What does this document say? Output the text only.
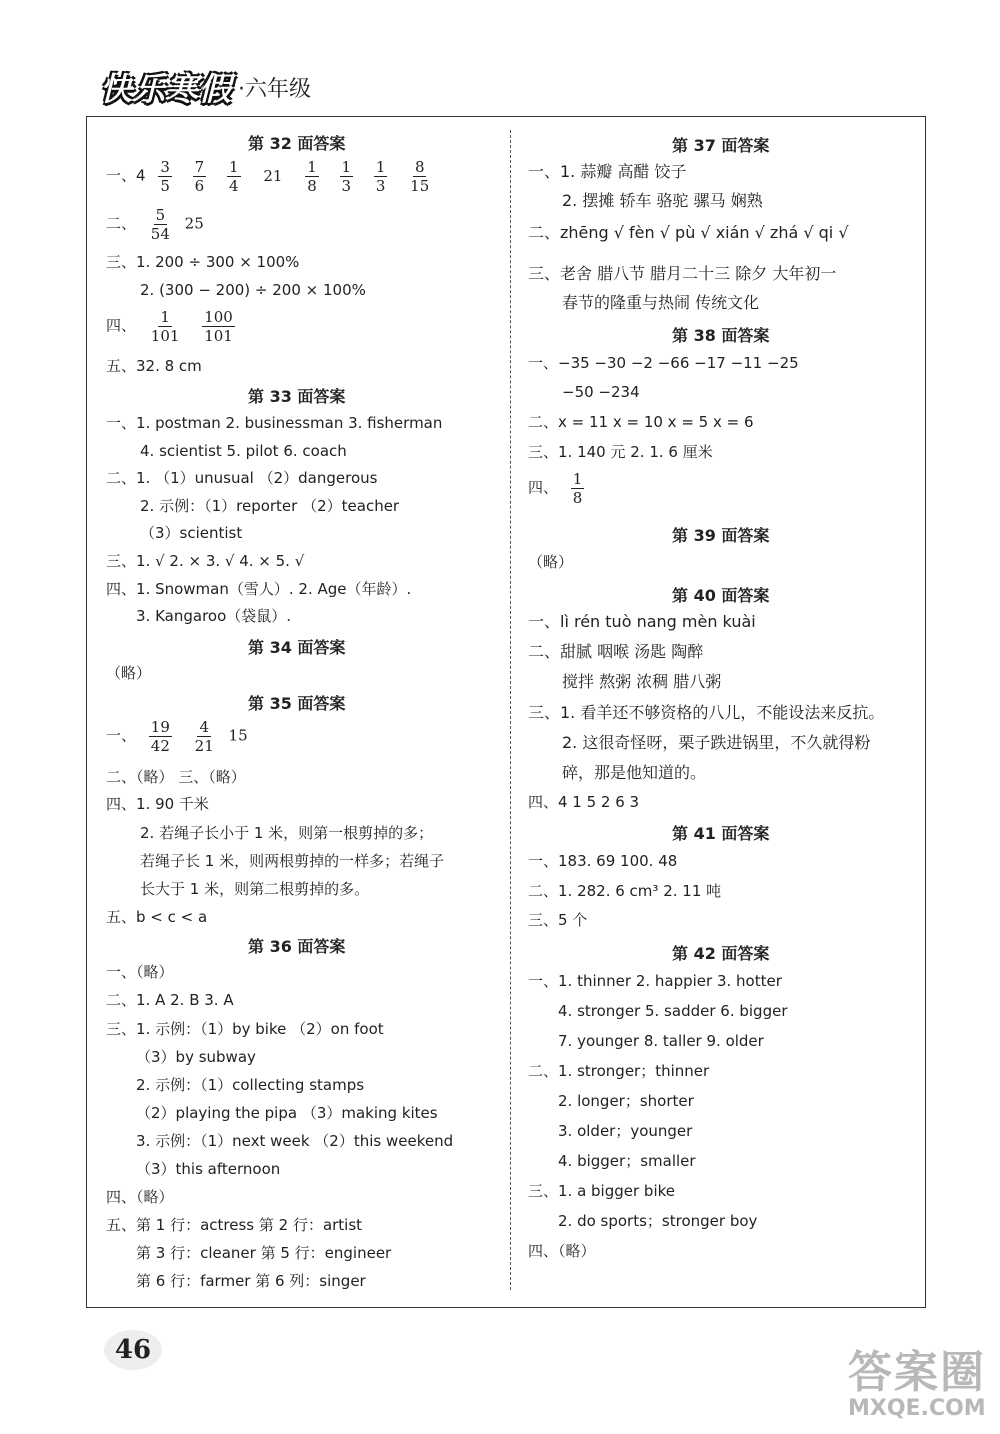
快乐寒假 ·六年级
第 32 面答案
一、$4 \frac{3}{5}$
$\frac{7}{6}$
$\frac{1}{4} 21 \frac{1}{8}$
$\frac{1}{3}$
$\frac{1}{3}$
$\frac{8}{15}$
二、 $\frac{5}{54} 25$
三、1. 200 ÷ 300 × 100%
2. (300 − 200) ÷ 200 × 100%
四、 $\frac{1}{101}$
$\frac{100}{101}$
五、32. 8 cm
第 33 面答案
一、1. postman 2. businessman 3. fisherman
4. scientist 5. pilot 6. coach
二、1. （1）unusual （2）dangerous
2. 示例：（1）reporter （2）teacher
（3）scientist
三、1. √ 2. × 3. √ 4. × 5. √
四、1. Snowman（雪人）. 2. Age（年龄）.
3. Kangaroo（袋鼠）.
第 34 面答案
（略）
第 35 面答案
一、 $\frac{19}{42}$
$\frac{4}{21} 15$
二、（略） 三、（略）
四、1. 90 千米
2. 若绳子长小于 1 米，则第一根剪掉的多；
若绳子长 1 米，则两根剪掉的一样多；若绳子
长大于 1 米，则第二根剪掉的多。
五、b < c < a
第 36 面答案
一、（略）
二、1. A 2. B 3. A
三、1. 示例：（1）by bike （2）on foot
（3）by subway
2. 示例：（1）collecting stamps
（2）playing the pipa （3）making kites
3. 示例：（1）next week （2）this weekend
（3）this afternoon
四、（略）
五、第 1 行：actress 第 2 行：artist
第 3 行：cleaner 第 5 行：engineer
第 6 行：farmer 第 6 列：singer
第 37 面答案
一、1. 蒜瓣 高醋 饺子
2. 摆摊 轿车 骆驼 骡马 娴熟
二、zhēng √ fèn √ pù √ xián √ zhá √ qi √
三、老舍 腊八节 腊月二十三 除夕 大年初一
春节的隆重与热闹 传统文化
第 38 面答案
一、−35 −30 −2 −66 −17 −11 −25
−50 −234
二、x = 11 x = 10 x = 5 x = 6
三、1. 140 元 2. 1. 6 厘米
四、 $\frac{1}{8}$
第 39 面答案
（略）
第 40 面答案
一、lì rén tuò nang mèn kuài
二、甜腻 咽喉 汤匙 陶醉
搅拌 熬粥 浓稠 腊八粥
三、1. 看羊还不够资格的八儿，不能设法来反抗。
2. 这很奇怪呀，栗子跌进锅里，不久就得粉
碎，那是他知道的。
四、4 1 5 2 6 3
第 41 面答案
一、183. 69 100. 48
二、1. 282. 6 cm³ 2. 11 吨
三、5 个
第 42 面答案
一、1. thinner 2. happier 3. hotter
4. stronger 5. sadder 6. bigger
7. younger 8. taller 9. older
二、1. stronger；thinner
2. longer；shorter
3. older；younger
4. bigger；smaller
三、1. a bigger bike
2. do sports；stronger boy
四、（略）
46	答案圈
MXQE.COM
